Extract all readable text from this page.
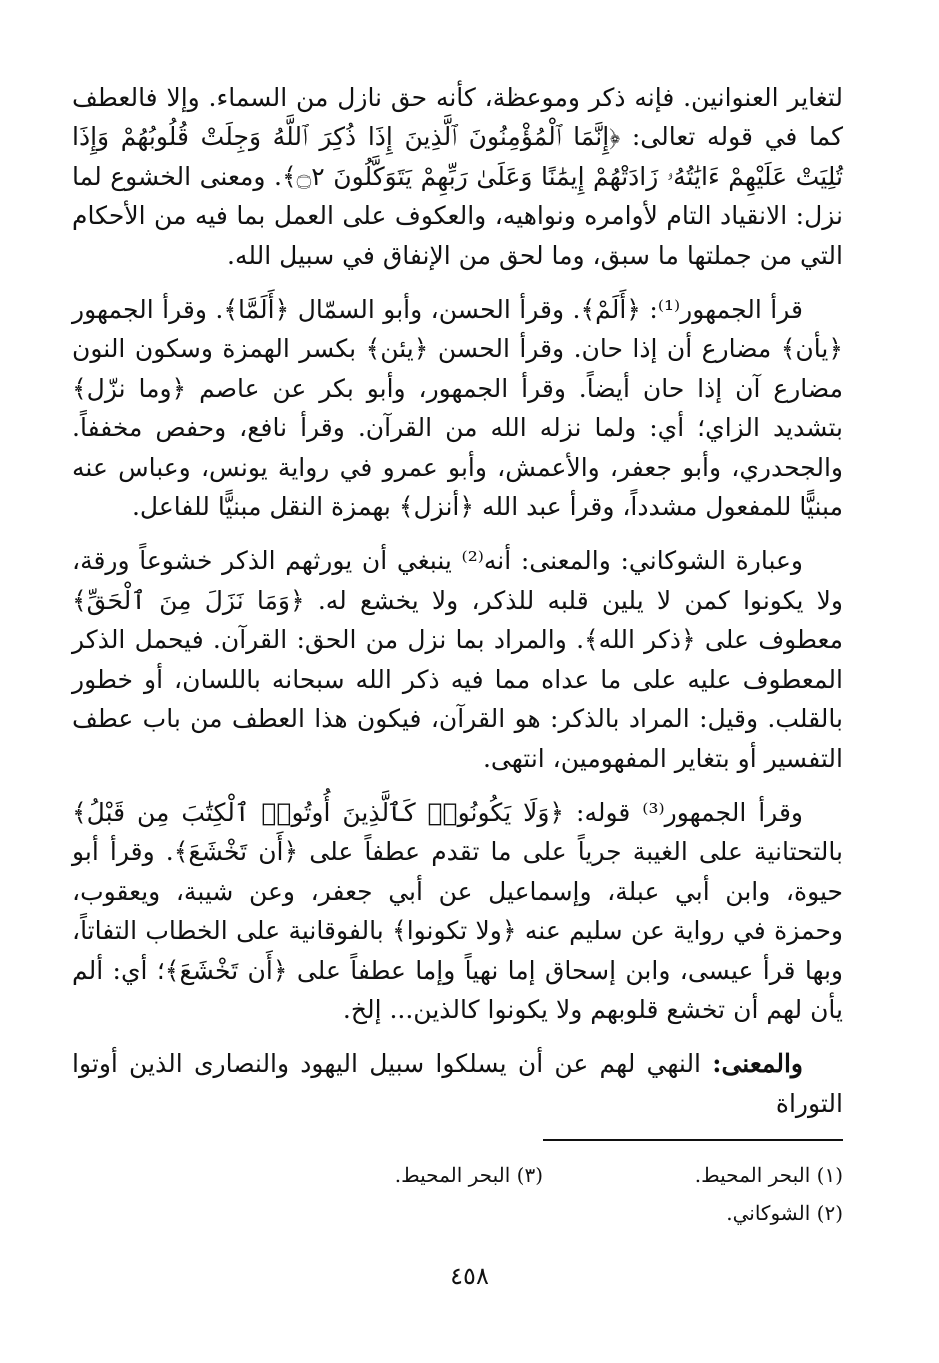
لتغاير العنوانين. فإنه ذكر وموعظة، كأنه حق نازل من السماء. وإلا فالعطف كما في قوله تعالى: ﴿إِنَّمَا ٱلْمُؤْمِنُونَ ٱلَّذِينَ إِذَا ذُكِرَ ٱللَّهُ وَجِلَتْ قُلُوبُهُمْ وَإِذَا تُلِيَتْ عَلَيْهِمْ ءَايَٰتُهُۥ زَادَتْهُمْ إِيمَٰنًا وَعَلَىٰ رَبِّهِمْ يَتَوَكَّلُونَ ۝٢﴾. ومعنى الخشوع لما نزل: الانقياد التام لأوامره ونواهيه، والعكوف على العمل بما فيه من الأحكام التي من جملتها ما سبق، وما لحق من الإنفاق في سبيل الله.

قرأ الجمهور⁽¹⁾: ﴿أَلَمْ﴾. وقرأ الحسن، وأبو السمّال ﴿أَلَمَّا﴾. وقرأ الجمهور ﴿يأن﴾ مضارع أن إذا حان. وقرأ الحسن ﴿يئن﴾ بكسر الهمزة وسكون النون مضارع آن إذا حان أيضاً. وقرأ الجمهور، وأبو بكر عن عاصم ﴿وما نزّل﴾ بتشديد الزاي؛ أي: ولما نزله الله من القرآن. وقرأ نافع، وحفص مخففاً. والجحدري، وأبو جعفر، والأعمش، وأبو عمرو في رواية يونس، وعباس عنه مبنيًّا للمفعول مشدداً، وقرأ عبد الله ﴿أنزل﴾ بهمزة النقل مبنيًّا للفاعل.

وعبارة الشوكاني: والمعنى: أنه⁽²⁾ ينبغي أن يورثهم الذكر خشوعاً ورقة، ولا يكونوا كمن لا يلين قلبه للذكر، ولا يخشع له. ﴿وَمَا نَزَلَ مِنَ ٱلْحَقِّ﴾ معطوف على ﴿ذكر الله﴾. والمراد بما نزل من الحق: القرآن. فيحمل الذكر المعطوف عليه على ما عداه مما فيه ذكر الله سبحانه باللسان، أو خطور بالقلب. وقيل: المراد بالذكر: هو القرآن، فيكون هذا العطف من باب عطف التفسير أو بتغاير المفهومين، انتهى.

وقرأ الجمهور⁽³⁾ قوله: ﴿وَلَا يَكُونُوا۟ كَٱلَّذِينَ أُوتُوا۟ ٱلْكِتَٰبَ مِن قَبْلُ﴾ بالتحتانية على الغيبة جرياً على ما تقدم عطفاً على ﴿أَن تَخْشَعَ﴾. وقرأ أبو حيوة، وابن أبي عبلة، وإسماعيل عن أبي جعفر، وعن شيبة، ويعقوب، وحمزة في رواية عن سليم عنه ﴿ولا تكونوا﴾ بالفوقانية على الخطاب التفاتاً، وبها قرأ عيسى، وابن إسحاق إما نهياً وإما عطفاً على ﴿أَن تَخْشَعَ﴾؛ أي: ألم يأن لهم أن تخشع قلوبهم ولا يكونوا كالذين... إلخ.

والمعنى: النهي لهم عن أن يسلكوا سبيل اليهود والنصارى الذين أوتوا التوراة

(١) البحر المحيط.
(٣) البحر المحيط.
(٢) الشوكاني.
٤٥٨
